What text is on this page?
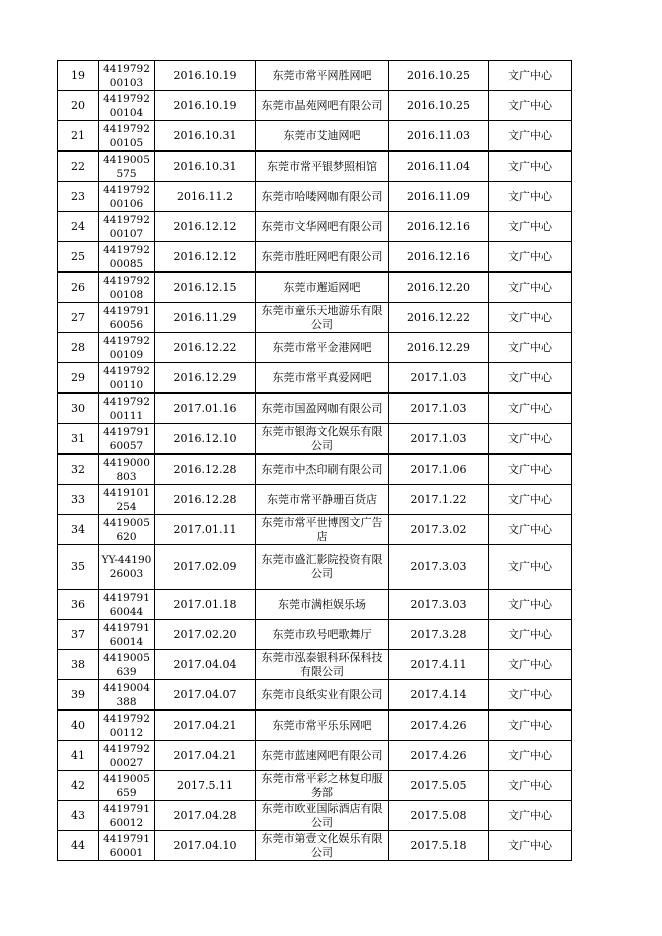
19	441979200103	2016.10.19	东莞市常平网胜网吧	2016.10.25	文广中心
20	441979200104	2016.10.19	东莞市晶苑网吧有限公司	2016.10.25	文广中心
21	441979200105	2016.10.31	东莞市艾迪网吧	2016.11.03	文广中心
22	4419005575	2016.10.31	东莞市常平银梦照相馆	2016.11.04	文广中心
23	441979200106	2016.11.2	东莞市哈喽网咖有限公司	2016.11.09	文广中心
24	441979200107	2016.12.12	东莞市文华网吧有限公司	2016.12.16	文广中心
25	441979200085	2016.12.12	东莞市胜旺网吧有限公司	2016.12.16	文广中心
26	441979200108	2016.12.15	东莞市邂逅网吧	2016.12.20	文广中心
27	441979160056	2016.11.29	东莞市童乐天地游乐有限公司	2016.12.22	文广中心
28	441979200109	2016.12.22	东莞市常平金港网吧	2016.12.29	文广中心
29	441979200110	2016.12.29	东莞市常平真爱网吧	2017.1.03	文广中心
30	441979200111	2017.01.16	东莞市国盈网咖有限公司	2017.1.03	文广中心
31	441979160057	2016.12.10	东莞市银海文化娱乐有限公司	2017.1.03	文广中心
32	4419000803	2016.12.28	东莞市中杰印刷有限公司	2017.1.06	文广中心
33	4419101254	2016.12.28	东莞市常平静珊百货店	2017.1.22	文广中心
34	4419005620	2017.01.11	东莞市常平世博图文广告店	2017.3.02	文广中心
35	YY-4419026003	2017.02.09	东莞市盛汇影院投资有限公司	2017.3.03	文广中心
36	441979160044	2017.01.18	东莞市满柜娱乐场	2017.3.03	文广中心
37	441979160014	2017.02.20	东莞市玖号吧歌舞厅	2017.3.28	文广中心
38	4419005639	2017.04.04	东莞市泓泰银科环保科技有限公司	2017.4.11	文广中心
39	4419004388	2017.04.07	东莞市良纸实业有限公司	2017.4.14	文广中心
40	441979200112	2017.04.21	东莞市常平乐乐网吧	2017.4.26	文广中心
41	441979200027	2017.04.21	东莞市蓝速网吧有限公司	2017.4.26	文广中心
42	4419005659	2017.5.11	东莞市常平彩之林复印服务部	2017.5.05	文广中心
43	441979160012	2017.04.28	东莞市欧亚国际酒店有限公司	2017.5.08	文广中心
44	441979160001	2017.04.10	东莞市第壹文化娱乐有限公司	2017.5.18	文广中心
